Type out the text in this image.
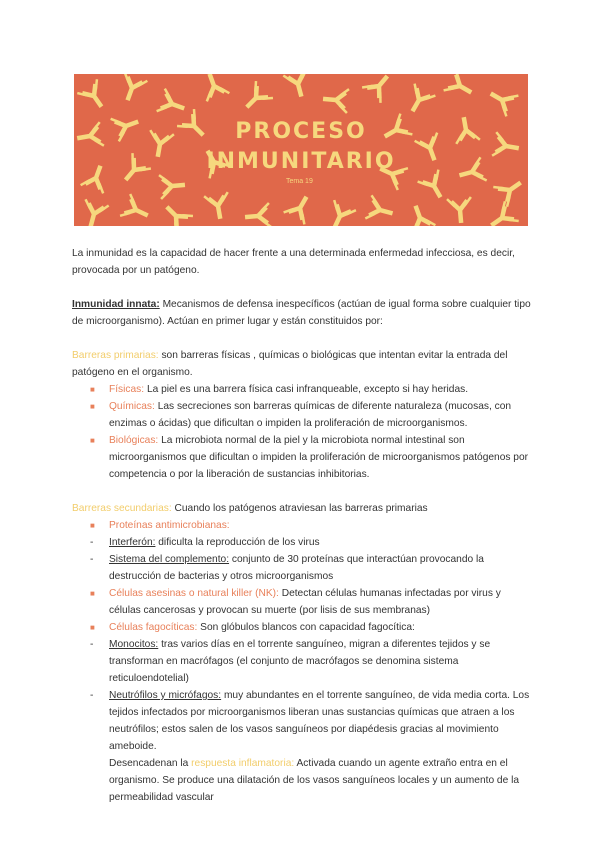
PROCESO
INMUNITARIO
Tema 19

La inmunidad es la capacidad de hacer frente a una determinada enfermedad infecciosa, es decir, provocada por un patógeno.

Inmunidad innata: Mecanismos de defensa inespecíficos (actúan de igual forma sobre cualquier tipo de microorganismo). Actúan en primer lugar y están constituidos por:

Barreras primarias: son barreras físicas , químicas o biológicas que intentan evitar la entrada del patógeno en el organismo.

■ Físicas: La piel es una barrera física casi infranqueable, excepto si hay heridas.

■ Químicas: Las secreciones son barreras químicas de diferente naturaleza (mucosas, con enzimas o ácidas) que dificultan o impiden la proliferación de microorganismos.

■ Biológicas: La microbiota normal de la piel y la microbiota normal intestinal son microorganismos que dificultan o impiden la proliferación de microorganismos patógenos por competencia o por la liberación de sustancias inhibitorias.

Barreras secundarias: Cuando los patógenos atraviesan las barreras primarias

■ Proteínas antimicrobianas:

- Interferón: dificulta la reproducción de los virus

- Sistema del complemento: conjunto de 30 proteínas que interactúan provocando la destrucción de bacterias y otros microorganismos

■ Células asesinas o natural killer (NK): Detectan células humanas infectadas por virus y células cancerosas y provocan su muerte (por lisis de sus membranas)

■ Células fagocíticas: Son glóbulos blancos con capacidad fagocítica:

- Monocitos: tras varios días en el torrente sanguíneo, migran a diferentes tejidos y se transforman en macrófagos (el conjunto de macrófagos se denomina sistema reticuloendotelial)

- Neutrófilos y micrófagos: muy abundantes en el torrente sanguíneo, de vida media corta. Los tejidos infectados por microorganismos liberan unas sustancias químicas que atraen a los neutrófilos; estos salen de los vasos sanguíneos por diapédesis gracias al movimiento ameboide.

Desencadenan la respuesta inflamatoria: Activada cuando un agente extraño entra en el organismo. Se produce una dilatación de los vasos sanguíneos locales y un aumento de la permeabilidad vascular
